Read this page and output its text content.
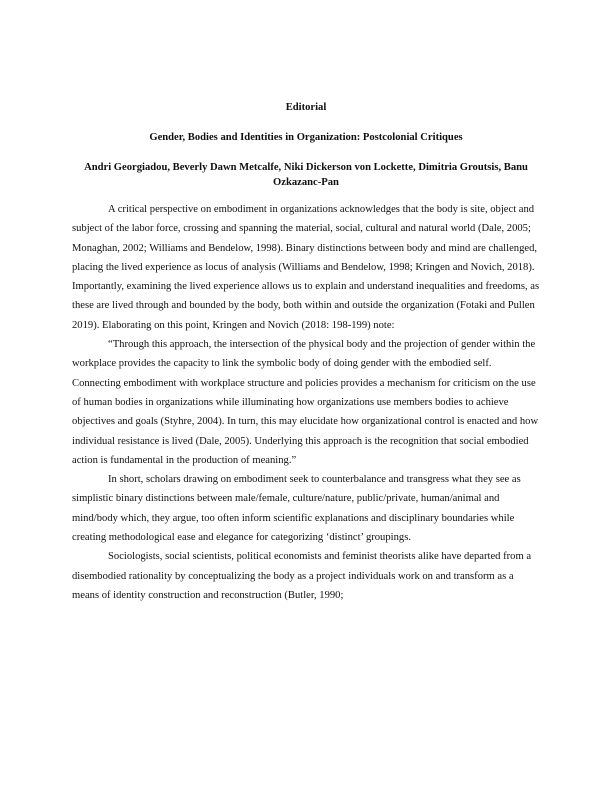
Editorial

Gender, Bodies and Identities in Organization: Postcolonial Critiques

Andri Georgiadou, Beverly Dawn Metcalfe, Niki Dickerson von Lockette, Dimitria Groutsis, Banu Ozkazanc-Pan

A critical perspective on embodiment in organizations acknowledges that the body is site, object and subject of the labor force, crossing and spanning the material, social, cultural and natural world (Dale, 2005; Monaghan, 2002; Williams and Bendelow, 1998). Binary distinctions between body and mind are challenged, placing the lived experience as locus of analysis (Williams and Bendelow, 1998; Kringen and Novich, 2018). Importantly, examining the lived experience allows us to explain and understand inequalities and freedoms, as these are lived through and bounded by the body, both within and outside the organization (Fotaki and Pullen 2019). Elaborating on this point, Kringen and Novich (2018: 198-199) note:

“Through this approach, the intersection of the physical body and the projection of gender within the workplace provides the capacity to link the symbolic body of doing gender with the embodied self. Connecting embodiment with workplace structure and policies provides a mechanism for criticism on the use of human bodies in organizations while illuminating how organizations use members bodies to achieve objectives and goals (Styhre, 2004). In turn, this may elucidate how organizational control is enacted and how individual resistance is lived (Dale, 2005). Underlying this approach is the recognition that social embodied action is fundamental in the production of meaning.”

In short, scholars drawing on embodiment seek to counterbalance and transgress what they see as simplistic binary distinctions between male/female, culture/nature, public/private, human/animal and mind/body which, they argue, too often inform scientific explanations and disciplinary boundaries while creating methodological ease and elegance for categorizing ‘distinct’ groupings.

Sociologists, social scientists, political economists and feminist theorists alike have departed from a disembodied rationality by conceptualizing the body as a project individuals work on and transform as a means of identity construction and reconstruction (Butler, 1990;
